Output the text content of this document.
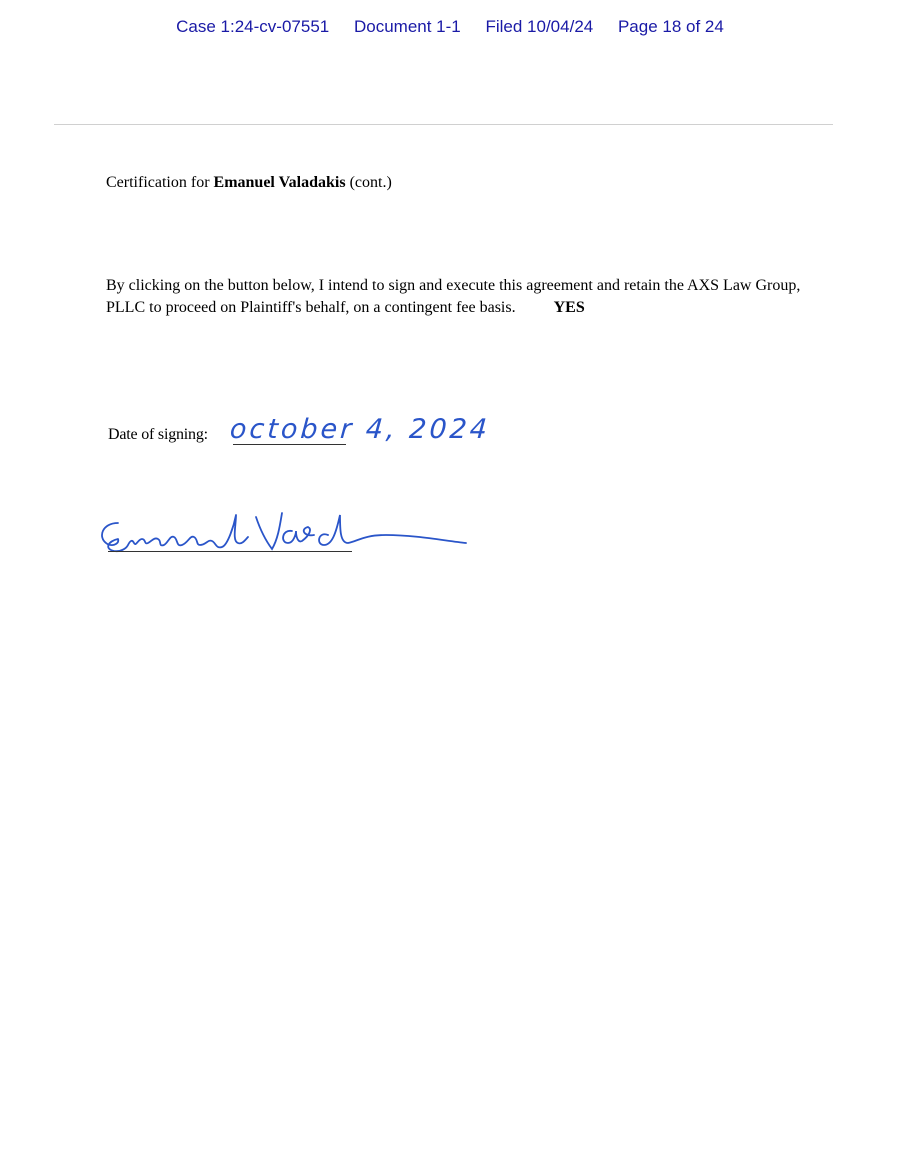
Case 1:24-cv-07551 Document 1-1 Filed 10/04/24 Page 18 of 24
Certification for Emanuel Valadakis (cont.)
By clicking on the button below, I intend to sign and execute this agreement and retain the AXS Law Group, PLLC to proceed on Plaintiff's behalf, on a contingent fee basis. YES
Date of signing: october 4, 2024
